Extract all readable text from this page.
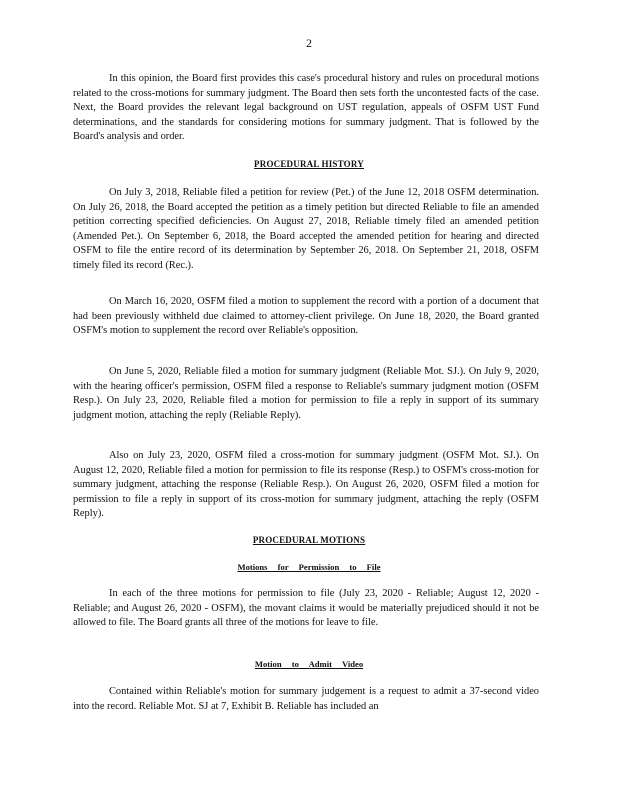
2

In this opinion, the Board first provides this case's procedural history and rules on procedural motions related to the cross-motions for summary judgment. The Board then sets forth the uncontested facts of the case. Next, the Board provides the relevant legal background on UST regulation, appeals of OSFM UST Fund determinations, and the standards for considering motions for summary judgment. That is followed by the Board's analysis and order.

PROCEDURAL HISTORY

On July 3, 2018, Reliable filed a petition for review (Pet.) of the June 12, 2018 OSFM determination. On July 26, 2018, the Board accepted the petition as a timely petition but directed Reliable to file an amended petition correcting specified deficiencies. On August 27, 2018, Reliable timely filed an amended petition (Amended Pet.). On September 6, 2018, the Board accepted the amended petition for hearing and directed OSFM to file the entire record of its determination by September 26, 2018. On September 21, 2018, OSFM timely filed its record (Rec.).

On March 16, 2020, OSFM filed a motion to supplement the record with a portion of a document that had been previously withheld due claimed to attorney-client privilege. On June 18, 2020, the Board granted OSFM's motion to supplement the record over Reliable's opposition.

On June 5, 2020, Reliable filed a motion for summary judgment (Reliable Mot. SJ.). On July 9, 2020, with the hearing officer's permission, OSFM filed a response to Reliable's summary judgment motion (OSFM Resp.). On July 23, 2020, Reliable filed a motion for permission to file a reply in support of its summary judgment motion, attaching the reply (Reliable Reply).

Also on July 23, 2020, OSFM filed a cross-motion for summary judgment (OSFM Mot. SJ.). On August 12, 2020, Reliable filed a motion for permission to file its response (Resp.) to OSFM's cross-motion for summary judgment, attaching the response (Reliable Resp.). On August 26, 2020, OSFM filed a motion for permission to file a reply in support of its cross-motion for summary judgment, attaching the reply (OSFM Reply).

PROCEDURAL MOTIONS

Motions for Permission to File

In each of the three motions for permission to file (July 23, 2020 - Reliable; August 12, 2020 - Reliable; and August 26, 2020 - OSFM), the movant claims it would be materially prejudiced should it not be allowed to file. The Board grants all three of the motions for leave to file.

Motion to Admit Video

Contained within Reliable's motion for summary judgement is a request to admit a 37-second video into the record. Reliable Mot. SJ at 7, Exhibit B. Reliable has included an
